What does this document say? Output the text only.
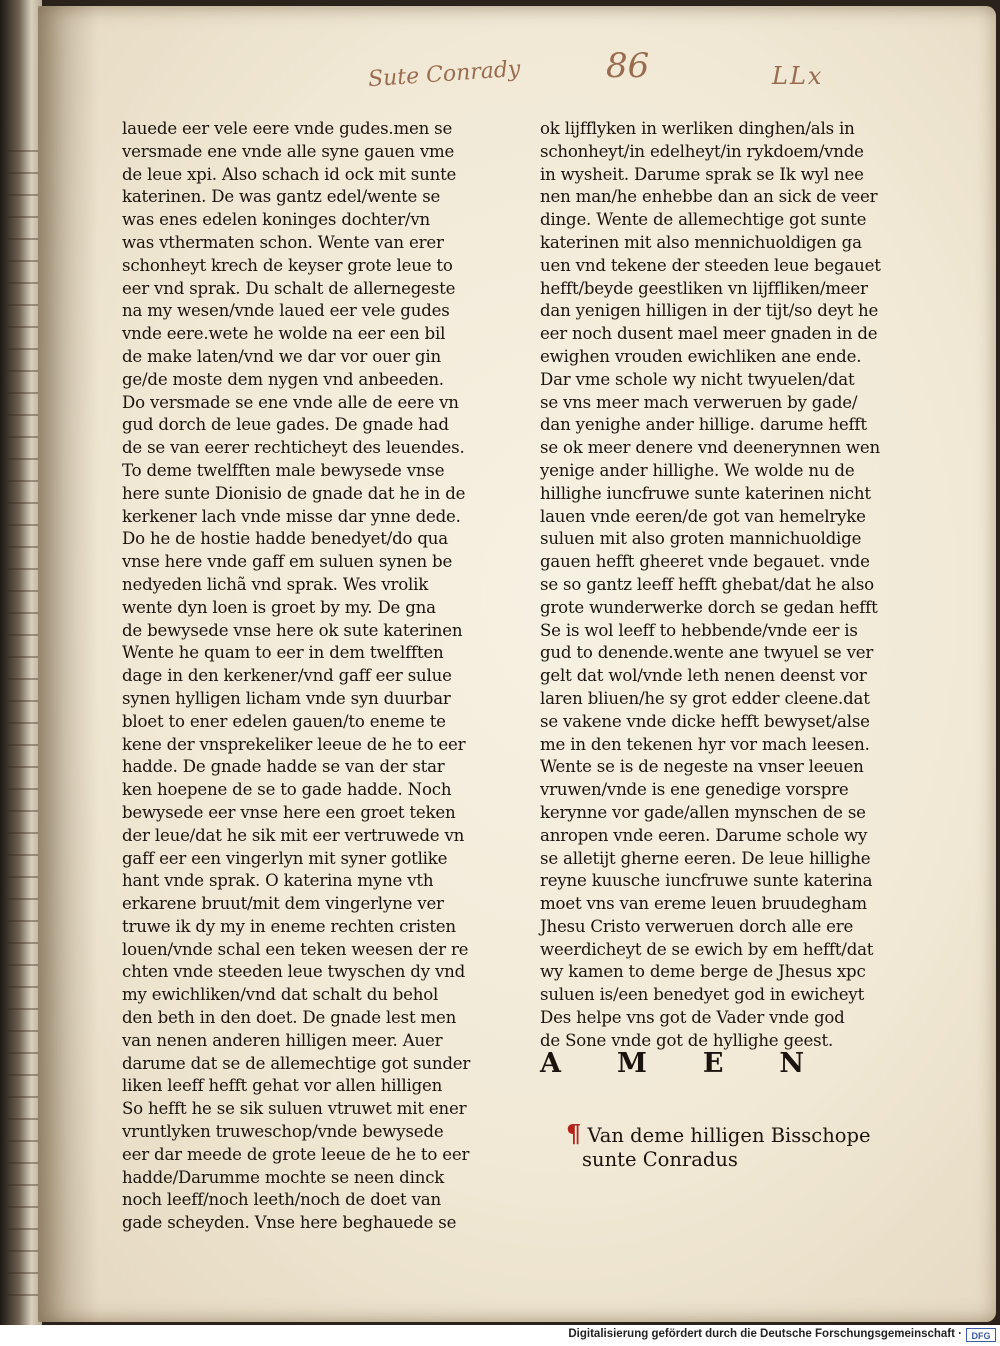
Sute Conrady 86	LLx
lauede eer vele eere vnde gudes.men se
versmade ene vnde alle syne gauen vme
de leue xpi. Also schach id ock mit sunte
katerinen. De was gantz edel/wente se
was enes edelen koninges dochter/vn
was vthermaten schon. Wente van erer
schonheyt krech de keyser grote leue to
eer vnd sprak. Du schalt de allernegeste
na my wesen/vnde laued eer vele gudes
vnde eere.wete he wolde na eer een bil
de make laten/vnd we dar vor ouer gin
ge/de moste dem nygen vnd anbeeden.
Do versmade se ene vnde alle de eere vn
gud dorch de leue gades. De gnade had
de se van eerer rechticheyt des leuendes.
To deme twelfften male bewysede vnse
here sunte Dionisio de gnade dat he in de
kerkener lach vnde misse dar ynne dede.
Do he de hostie hadde benedyet/do qua
vnse here vnde gaff em suluen synen be
nedyeden lichã vnd sprak. Wes vrolik
wente dyn loen is groet by my. De gna
de bewysede vnse here ok sute katerinen
Wente he quam to eer in dem twelfften
dage in den kerkener/vnd gaff eer sulue
synen hylligen licham vnde syn duurbar
bloet to ener edelen gauen/to eneme te
kene der vnsprekeliker leeue de he to eer
hadde. De gnade hadde se van der star
ken hoepene de se to gade hadde. Noch
bewysede eer vnse here een groet teken
der leue/dat he sik mit eer vertruwede vn
gaff eer een vingerlyn mit syner gotlike
hant vnde sprak. O katerina myne vth
erkarene bruut/mit dem vingerlyne ver
truwe ik dy my in eneme rechten cristen
louen/vnde schal een teken weesen der re
chten vnde steeden leue twyschen dy vnd
my ewichliken/vnd dat schalt du behol
den beth in den doet. De gnade lest men
van nenen anderen hilligen meer. Auer
darume dat se de allemechtige got sunder
liken leeff hefft gehat vor allen hilligen
So hefft he se sik suluen vtruwet mit ener
vruntlyken truweschop/vnde bewysede
eer dar meede de grote leeue de he to eer
hadde/Darumme mochte se neen dinck
noch leeff/noch leeth/noch de doet van
gade scheyden. Vnse here beghauede se
ok lijfflyken in werliken dinghen/als in
schonheyt/in edelheyt/in rykdoem/vnde
in wysheit. Darume sprak se Ik wyl nee
nen man/he enhebbe dan an sick de veer
dinge. Wente de allemechtige got sunte
katerinen mit also mennichuoldigen ga
uen vnd tekene der steeden leue begauet
hefft/beyde geestliken vn lijffliken/meer
dan yenigen hilligen in der tijt/so deyt he
eer noch dusent mael meer gnaden in de
ewighen vrouden ewichliken ane ende.
Dar vme schole wy nicht twyuelen/dat
se vns meer mach verweruen by gade/
dan yenighe ander hillige. darume hefft
se ok meer denere vnd deenerynnen wen
yenige ander hillighe. We wolde nu de
hillighe iuncfruwe sunte katerinen nicht
lauen vnde eeren/de got van hemelryke
suluen mit also groten mannichuoldige
gauen hefft gheeret vnde begauet. vnde
se so gantz leeff hefft ghebat/dat he also
grote wunderwerke dorch se gedan hefft
Se is wol leeff to hebbende/vnde eer is
gud to denende.wente ane twyuel se ver
gelt dat wol/vnde leth nenen deenst vor
laren bliuen/he sy grot edder cleene.dat
se vakene vnde dicke hefft bewyset/alse
me in den tekenen hyr vor mach leesen.
Wente se is de negeste na vnser leeuen
vruwen/vnde is ene genedige vorspre
kerynne vor gade/allen mynschen de se
anropen vnde eeren. Darume schole wy
se alletijt gherne eeren. De leue hillighe
reyne kuusche iuncfruwe sunte katerina
moet vns van ereme leuen bruudegham
Jhesu Cristo verweruen dorch alle ere
weerdicheyt de se ewich by em hefft/dat
wy kamen to deme berge de Jhesus xpc
suluen is/een benedyet god in ewicheyt
Des helpe vns got de Vader vnde god
de Sone vnde got de hyllighe geest.
AMEN
¶ Van deme hilligen Bisschope
sunte Conradus
Digitalisierung gefördert durch die Deutsche Forschungsgemeinschaft ·	DFG
